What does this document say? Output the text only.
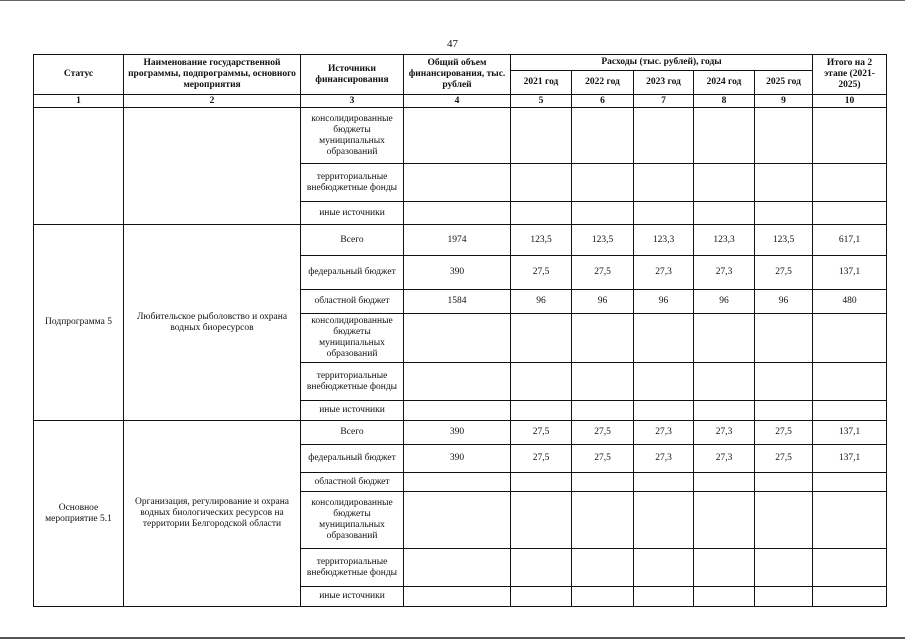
47
Статус	Наименование государственной программы, подпрограммы, основного мероприятия	Источники финансирования	Общий объем финансирования, тыс. рублей	Расходы (тыс. рублей), годы					Итого на 2 этапе (2021-2025)
				2021 год	2022 год	2023 год	2024 год	2025 год	
1	2	3	4	5	6	7	8	9	10
		консолидированные бюджеты муниципальных образований							
		территориальные внебюджетные фонды							
		иные источники							
Подпрограмма 5	Любительское рыболовство и охрана водных биоресурсов	Всего	1974	123,5	123,5	123,3	123,3	123,5	617,1
		федеральный бюджет	390	27,5	27,5	27,3	27,3	27,5	137,1
		областной бюджет	1584	96	96	96	96	96	480
		консолидированные бюджеты муниципальных образований							
		территориальные внебюджетные фонды							
		иные источники							
Основное мероприятие 5.1	Организация, регулирование и охрана водных биологических ресурсов на территории Белгородской области	Всего	390	27,5	27,5	27,3	27,3	27,5	137,1
		федеральный бюджет	390	27,5	27,5	27,3	27,3	27,5	137,1
		областной бюджет							
		консолидированные бюджеты муниципальных образований							
		территориальные внебюджетные фонды							
		иные источники							
